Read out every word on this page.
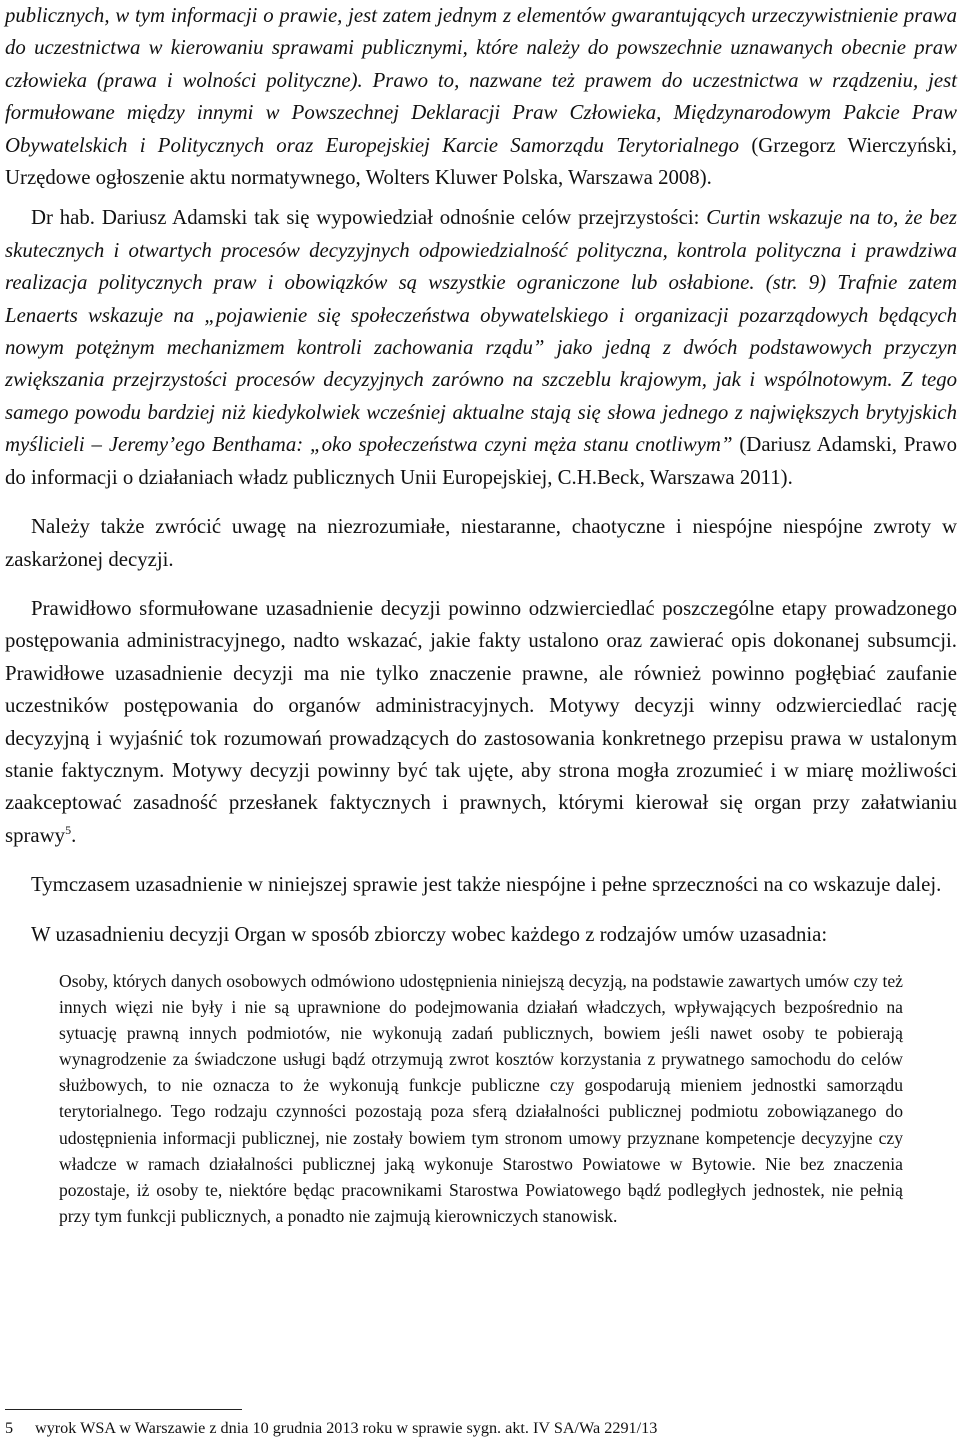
publicznych, w tym informacji o prawie, jest zatem jednym z elementów gwarantujących urzeczywistnienie prawa do uczestnictwa w kierowaniu sprawami publicznymi, które należy do powszechnie uznawanych obecnie praw człowieka (prawa i wolności polityczne). Prawo to, nazwane też prawem do uczestnictwa w rządzeniu, jest formułowane między innymi w Powszechnej Deklaracji Praw Człowieka, Międzynarodowym Pakcie Praw Obywatelskich i Politycznych oraz Europejskiej Karcie Samorządu Terytorialnego (Grzegorz Wierczyński, Urzędowe ogłoszenie aktu normatywnego, Wolters Kluwer Polska, Warszawa 2008).

Dr hab. Dariusz Adamski tak się wypowiedział odnośnie celów przejrzystości: Curtin wskazuje na to, że bez skutecznych i otwartych procesów decyzyjnych odpowiedzialność polityczna, kontrola polityczna i prawdziwa realizacja politycznych praw i obowiązków są wszystkie ograniczone lub osłabione. (str. 9) Trafnie zatem Lenaerts wskazuje na „pojawienie się społeczeństwa obywatelskiego i organizacji pozarządowych będących nowym potężnym mechanizmem kontroli zachowania rządu” jako jedną z dwóch podstawowych przyczyn zwiększania przejrzystości procesów decyzyjnych zarówno na szczeblu krajowym, jak i wspólnotowym. Z tego samego powodu bardziej niż kiedykolwiek wcześniej aktualne stają się słowa jednego z największych brytyjskich myślicieli – Jeremy’ego Benthama: „oko społeczeństwa czyni męża stanu cnotliwym” (Dariusz Adamski, Prawo do informacji o działaniach władz publicznych Unii Europejskiej, C.H.Beck, Warszawa 2011).

Należy także zwrócić uwagę na niezrozumiałe, niestaranne, chaotyczne i niespójne niespójne zwroty w zaskarżonej decyzji.

Prawidłowo sformułowane uzasadnienie decyzji powinno odzwierciedlać poszczególne etapy prowadzonego postępowania administracyjnego, nadto wskazać, jakie fakty ustalono oraz zawierać opis dokonanej subsumcji. Prawidłowe uzasadnienie decyzji ma nie tylko znaczenie prawne, ale również powinno pogłębiać zaufanie uczestników postępowania do organów administracyjnych. Motywy decyzji winny odzwierciedlać rację decyzyjną i wyjaśnić tok rozumowań prowadzących do zastosowania konkretnego przepisu prawa w ustalonym stanie faktycznym. Motywy decyzji powinny być tak ujęte, aby strona mogła zrozumieć i w miarę możliwości zaakceptować zasadność przesłanek faktycznych i prawnych, którymi kierował się organ przy załatwianiu sprawy$^5$.

Tymczasem uzasadnienie w niniejszej sprawie jest także niespójne i pełne sprzeczności na co wskazuje dalej.

W uzasadnieniu decyzji Organ w sposób zbiorczy wobec każdego z rodzajów umów uzasadnia:

Osoby, których danych osobowych odmówiono udostępnienia niniejszą decyzją, na podstawie zawartych umów czy też innych więzi nie były i nie są uprawnione do podejmowania działań władczych, wpływających bezpośrednio na sytuację prawną innych podmiotów, nie wykonują zadań publicznych, bowiem jeśli nawet osoby te pobierają wynagrodzenie za świadczone usługi bądź otrzymują zwrot kosztów korzystania z prywatnego samochodu do celów służbowych, to nie oznacza to że wykonują funkcje publiczne czy gospodarują mieniem jednostki samorządu terytorialnego. Tego rodzaju czynności pozostają poza sferą działalności publicznej podmiotu zobowiązanego do udostępnienia informacji publicznej, nie zostały bowiem tym stronom umowy przyznane kompetencje decyzyjne czy władcze w ramach działalności publicznej jaką wykonuje Starostwo Powiatowe w Bytowie. Nie bez znaczenia pozostaje, iż osoby te, niektóre będąc pracownikami Starostwa Powiatowego bądź podległych jednostek, nie pełnią przy tym funkcji publicznych, a ponadto nie zajmują kierowniczych stanowisk.

5 wyrok WSA w Warszawie z dnia 10 grudnia 2013 roku w sprawie sygn. akt. IV SA/Wa 2291/13
